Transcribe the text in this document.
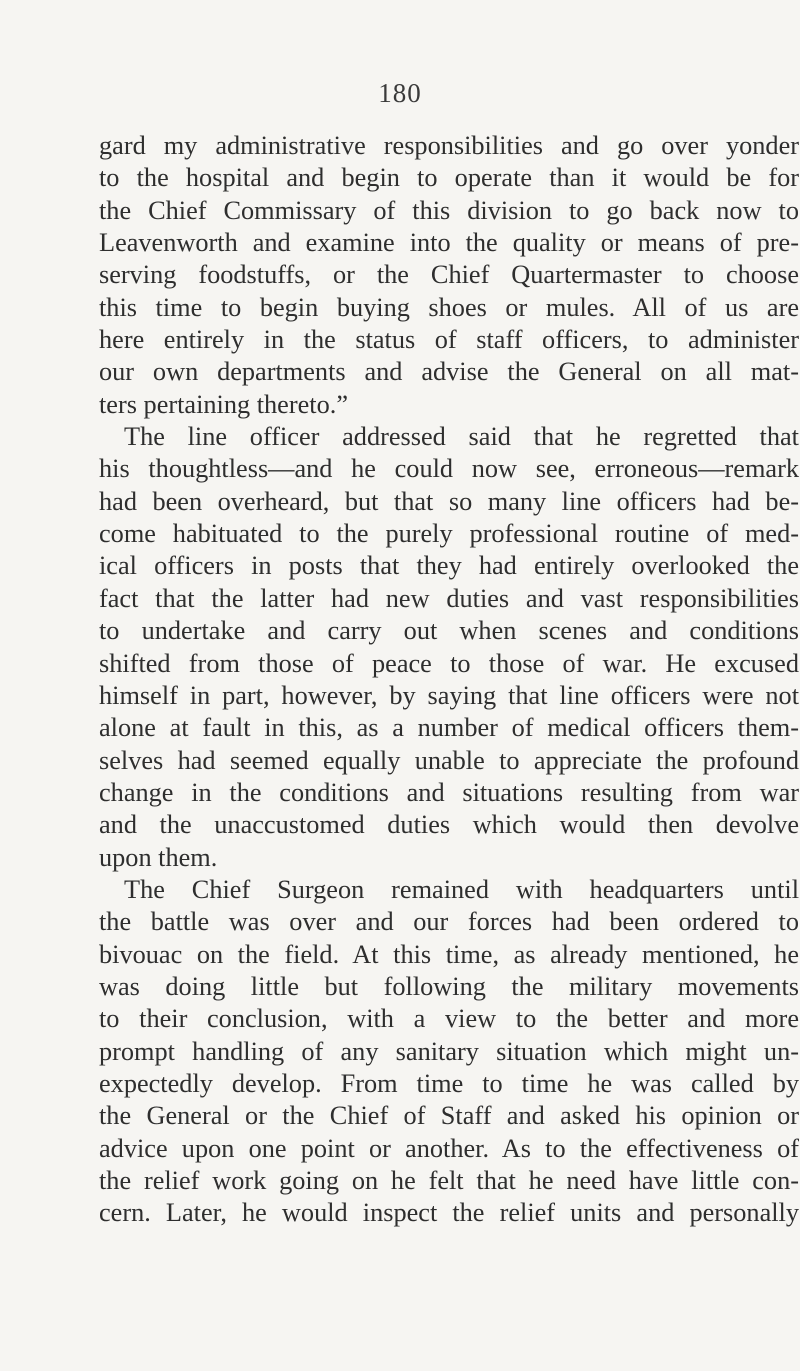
180
gard my administrative responsibilities and go over yonder
to the hospital and begin to operate than it would be for
the Chief Commissary of this division to go back now to
Leavenworth and examine into the quality or means of pre-
serving foodstuffs, or the Chief Quartermaster to choose
this time to begin buying shoes or mules. All of us are
here entirely in the status of staff officers, to administer
our own departments and advise the General on all mat-
ters pertaining thereto.”
The line officer addressed said that he regretted that
his thoughtless—and he could now see, erroneous—remark
had been overheard, but that so many line officers had be-
come habituated to the purely professional routine of med-
ical officers in posts that they had entirely overlooked the
fact that the latter had new duties and vast responsibilities
to undertake and carry out when scenes and conditions
shifted from those of peace to those of war. He excused
himself in part, however, by saying that line officers were not
alone at fault in this, as a number of medical officers them-
selves had seemed equally unable to appreciate the profound
change in the conditions and situations resulting from war
and the unaccustomed duties which would then devolve
upon them.
The Chief Surgeon remained with headquarters until
the battle was over and our forces had been ordered to
bivouac on the field. At this time, as already mentioned, he
was doing little but following the military movements
to their conclusion, with a view to the better and more
prompt handling of any sanitary situation which might un-
expectedly develop. From time to time he was called by
the General or the Chief of Staff and asked his opinion or
advice upon one point or another. As to the effectiveness of
the relief work going on he felt that he need have little con-
cern. Later, he would inspect the relief units and personally
